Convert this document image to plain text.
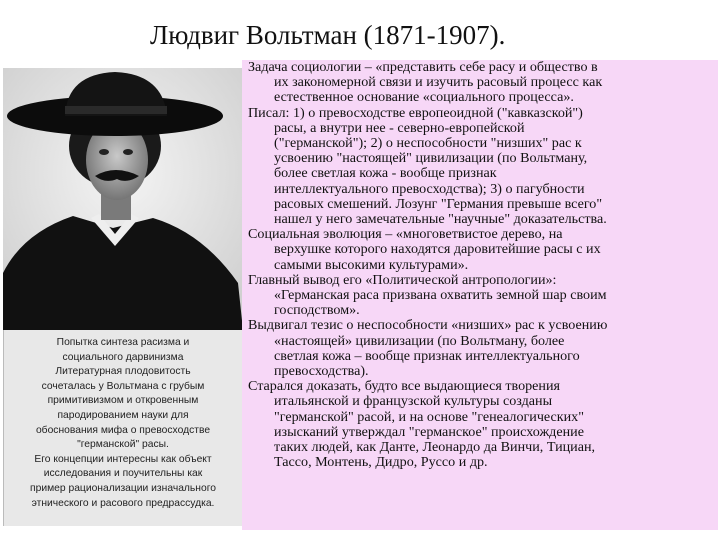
Людвиг Вольтман (1871-1907).
Попытка синтеза расизма и
социального дарвинизма
Литературная плодовитость
сочеталась у Вольтмана с грубым
примитивизмом и откровенным
пародированием науки для
обоснования мифа о превосходстве
"германской" расы.
Его концепции интересны как объект
исследования и поучительны как
пример рационализации изначального
этнического и расового предрассудка.

Задача социологии – «представить себе расу и общество в
их закономерной связи и изучить расовый процесс как
естественное основание «социального процесса».

Писал: 1) о превосходстве европеоидной ("кавказской")
расы, а внутри нее - северно-европейской
("германской"); 2) о неспособности "низших" рас к
усвоению "настоящей" цивилизации (по Вольтману,
более светлая кожа - вообще признак
интеллектуального превосходства); 3) о пагубности
расовых смешений. Лозунг "Германия превыше всего"
нашел у него замечательные "научные" доказательства.

Социальная эволюция – «многоветвистое дерево, на
верхушке которого находятся даровитейшие расы с их
самыми высокими культурами».

Главный вывод его «Политической антропологии»:
«Германская раса призвана охватить земной шар своим
господством».

Выдвигал тезис о неспособности «низших» рас к усвоению
«настоящей» цивилизации (по Вольтману, более
светлая кожа – вообще признак интеллектуального
превосходства).

Старался доказать, будто все выдающиеся творения
итальянской и французской культуры созданы
"германской" расой, и на основе "генеалогических"
изысканий утверждал "германское" происхождение
таких людей, как Данте, Леонардо да Винчи, Тициан,
Тассо, Монтень, Дидро, Руссо и др.
